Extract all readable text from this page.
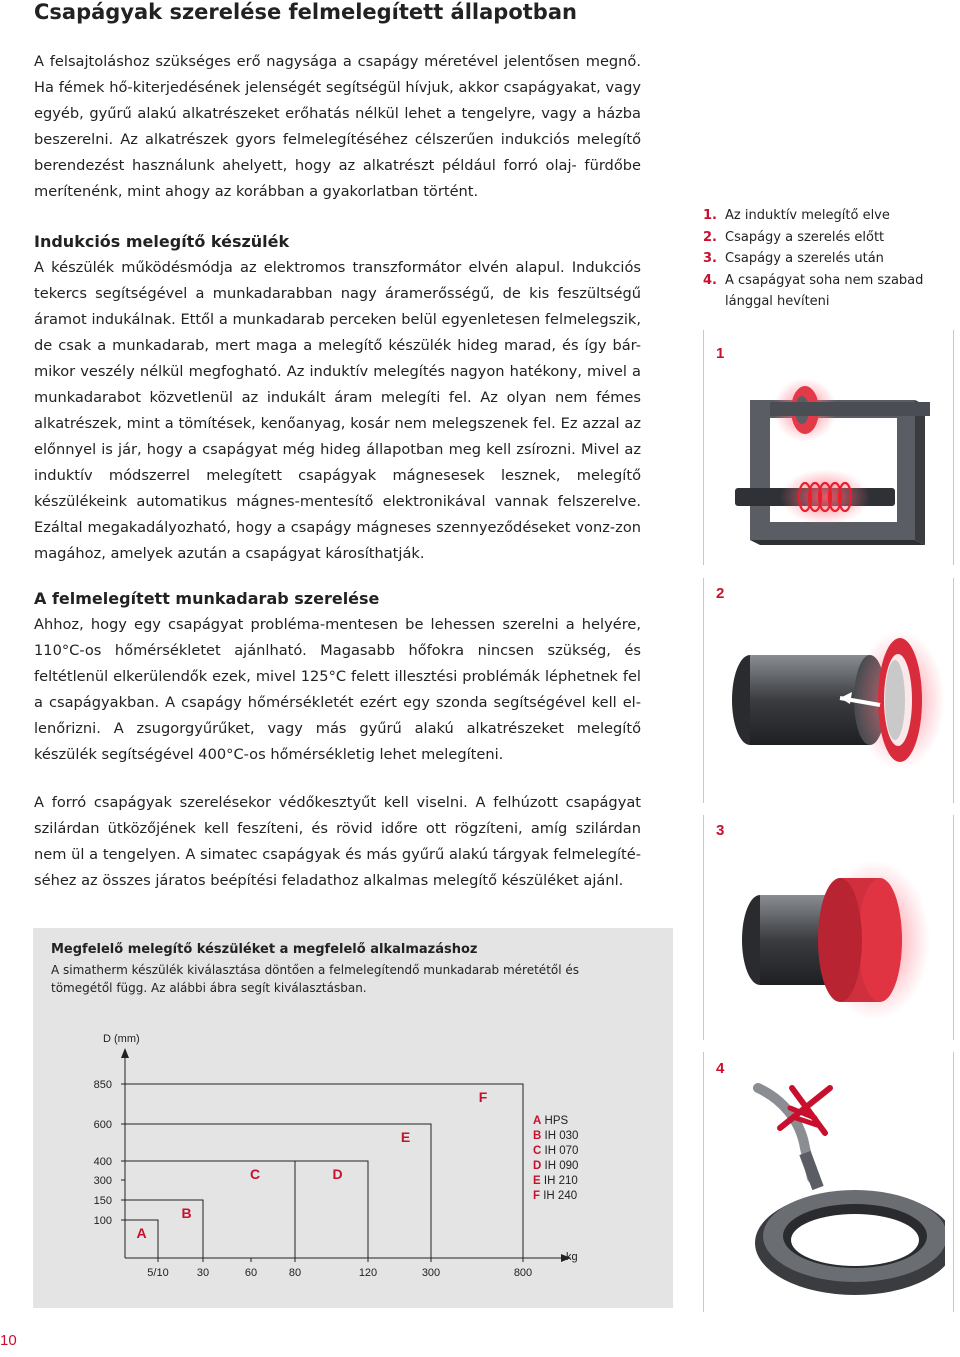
Csapágyak szerelése felmelegített állapotban

A felsajtoláshoz szükséges erő nagysága a csapágy méretével jelentősen megnő. Ha fémek hő-kiterjedésének jelenségét segítségül hívjuk, akkor csapágyakat, vagy egyéb, gyűrű alakú alkatrészeket erőhatás nélkül lehet a tengelyre, vagy a házba beszerelni. Az alkatrészek gyors felmelegítéséhez célszerűen indukciós melegítő berendezést használunk ahelyett, hogy az alkatrészt például forró olaj- fürdőbe merítenénk, mint ahogy az korábban a gyakorlatban történt.

Indukciós melegítő készülék

A készülék működésmódja az elektromos transzformátor elvén alapul. Indukciós tekercs segítségével a munkadarabban nagy áramerősségű, de kis feszültségű áramot indukálnak. Ettől a munkadarab perceken belül egyenletesen felmelegszik, de csak a munkadarab, mert maga a melegítő készülék hideg marad, és így bár-mikor veszély nélkül megfogható. Az induktív melegítés nagyon hatékony, mivel a munkadarabot közvetlenül az indukált áram melegíti fel. Az olyan nem fémes alkatrészek, mint a tömítések, kenőanyag, kosár nem melegszenek fel. Ez azzal az előnnyel is jár, hogy a csapágyat még hideg állapotban meg kell zsírozni. Mivel az induktív módszerrel melegített csapágyak mágnesesek lesznek, melegítő készülékeink automatikus mágnes-mentesítő elektronikával vannak felszerelve. Ezáltal megakadályozható, hogy a csapágy mágneses szennyeződéseket vonz-zon magához, amelyek azután a csapágyat károsíthatják.

A felmelegített munkadarab szerelése

Ahhoz, hogy egy csapágyat probléma-mentesen be lehessen szerelni a helyére, 110°C-os hőmérsékletet ajánlható. Magasabb hőfokra nincsen szükség, és feltétlenül elkerülendők ezek, mivel 125°C felett illesztési problémák léphetnek fel a csapágyakban. A csapágy hőmérsékletét ezért egy szonda segítségével kell el-lenőrizni. A zsugorgyűrűket, vagy más gyűrű alakú alkatrészeket melegítő készülék segítségével 400°C-os hőmérsékletig lehet melegíteni.

A forró csapágyak szerelésekor védőkesztyűt kell viselni. A felhúzott csapágyat szilárdan ütközőjének kell feszíteni, és rövid időre ott rögzíteni, amíg szilárdan nem ül a tengelyen. A simatec csapágyak és más gyűrű alakú tárgyak felmelegíté-séhez az összes járatos beépítési feladathoz alkalmas melegítő készüléket ajánl.

1. Az induktív melegítő elve
2. Csapágy a szerelés előtt
3. Csapágy a szerelés után
4. A csapágyat soha nem szabad lánggal hevíteni
1
2
3
4
Megfelelő melegítő készüléket a megfelelő alkalmazáshoz
A simatherm készülék kiválasztása döntően a felmelegítendő munkadarab méretétől és tömegétől függ. Az alábbi ábra segít kiválasztásban.
850
600
400
300
150
100
5/10	30	60	80	120	300	800
A
B
C	D
E
F
D (mm)
kg
A HPS
B IH 030
C IH 070
D IH 090
E IH 210
F IH 240
10
